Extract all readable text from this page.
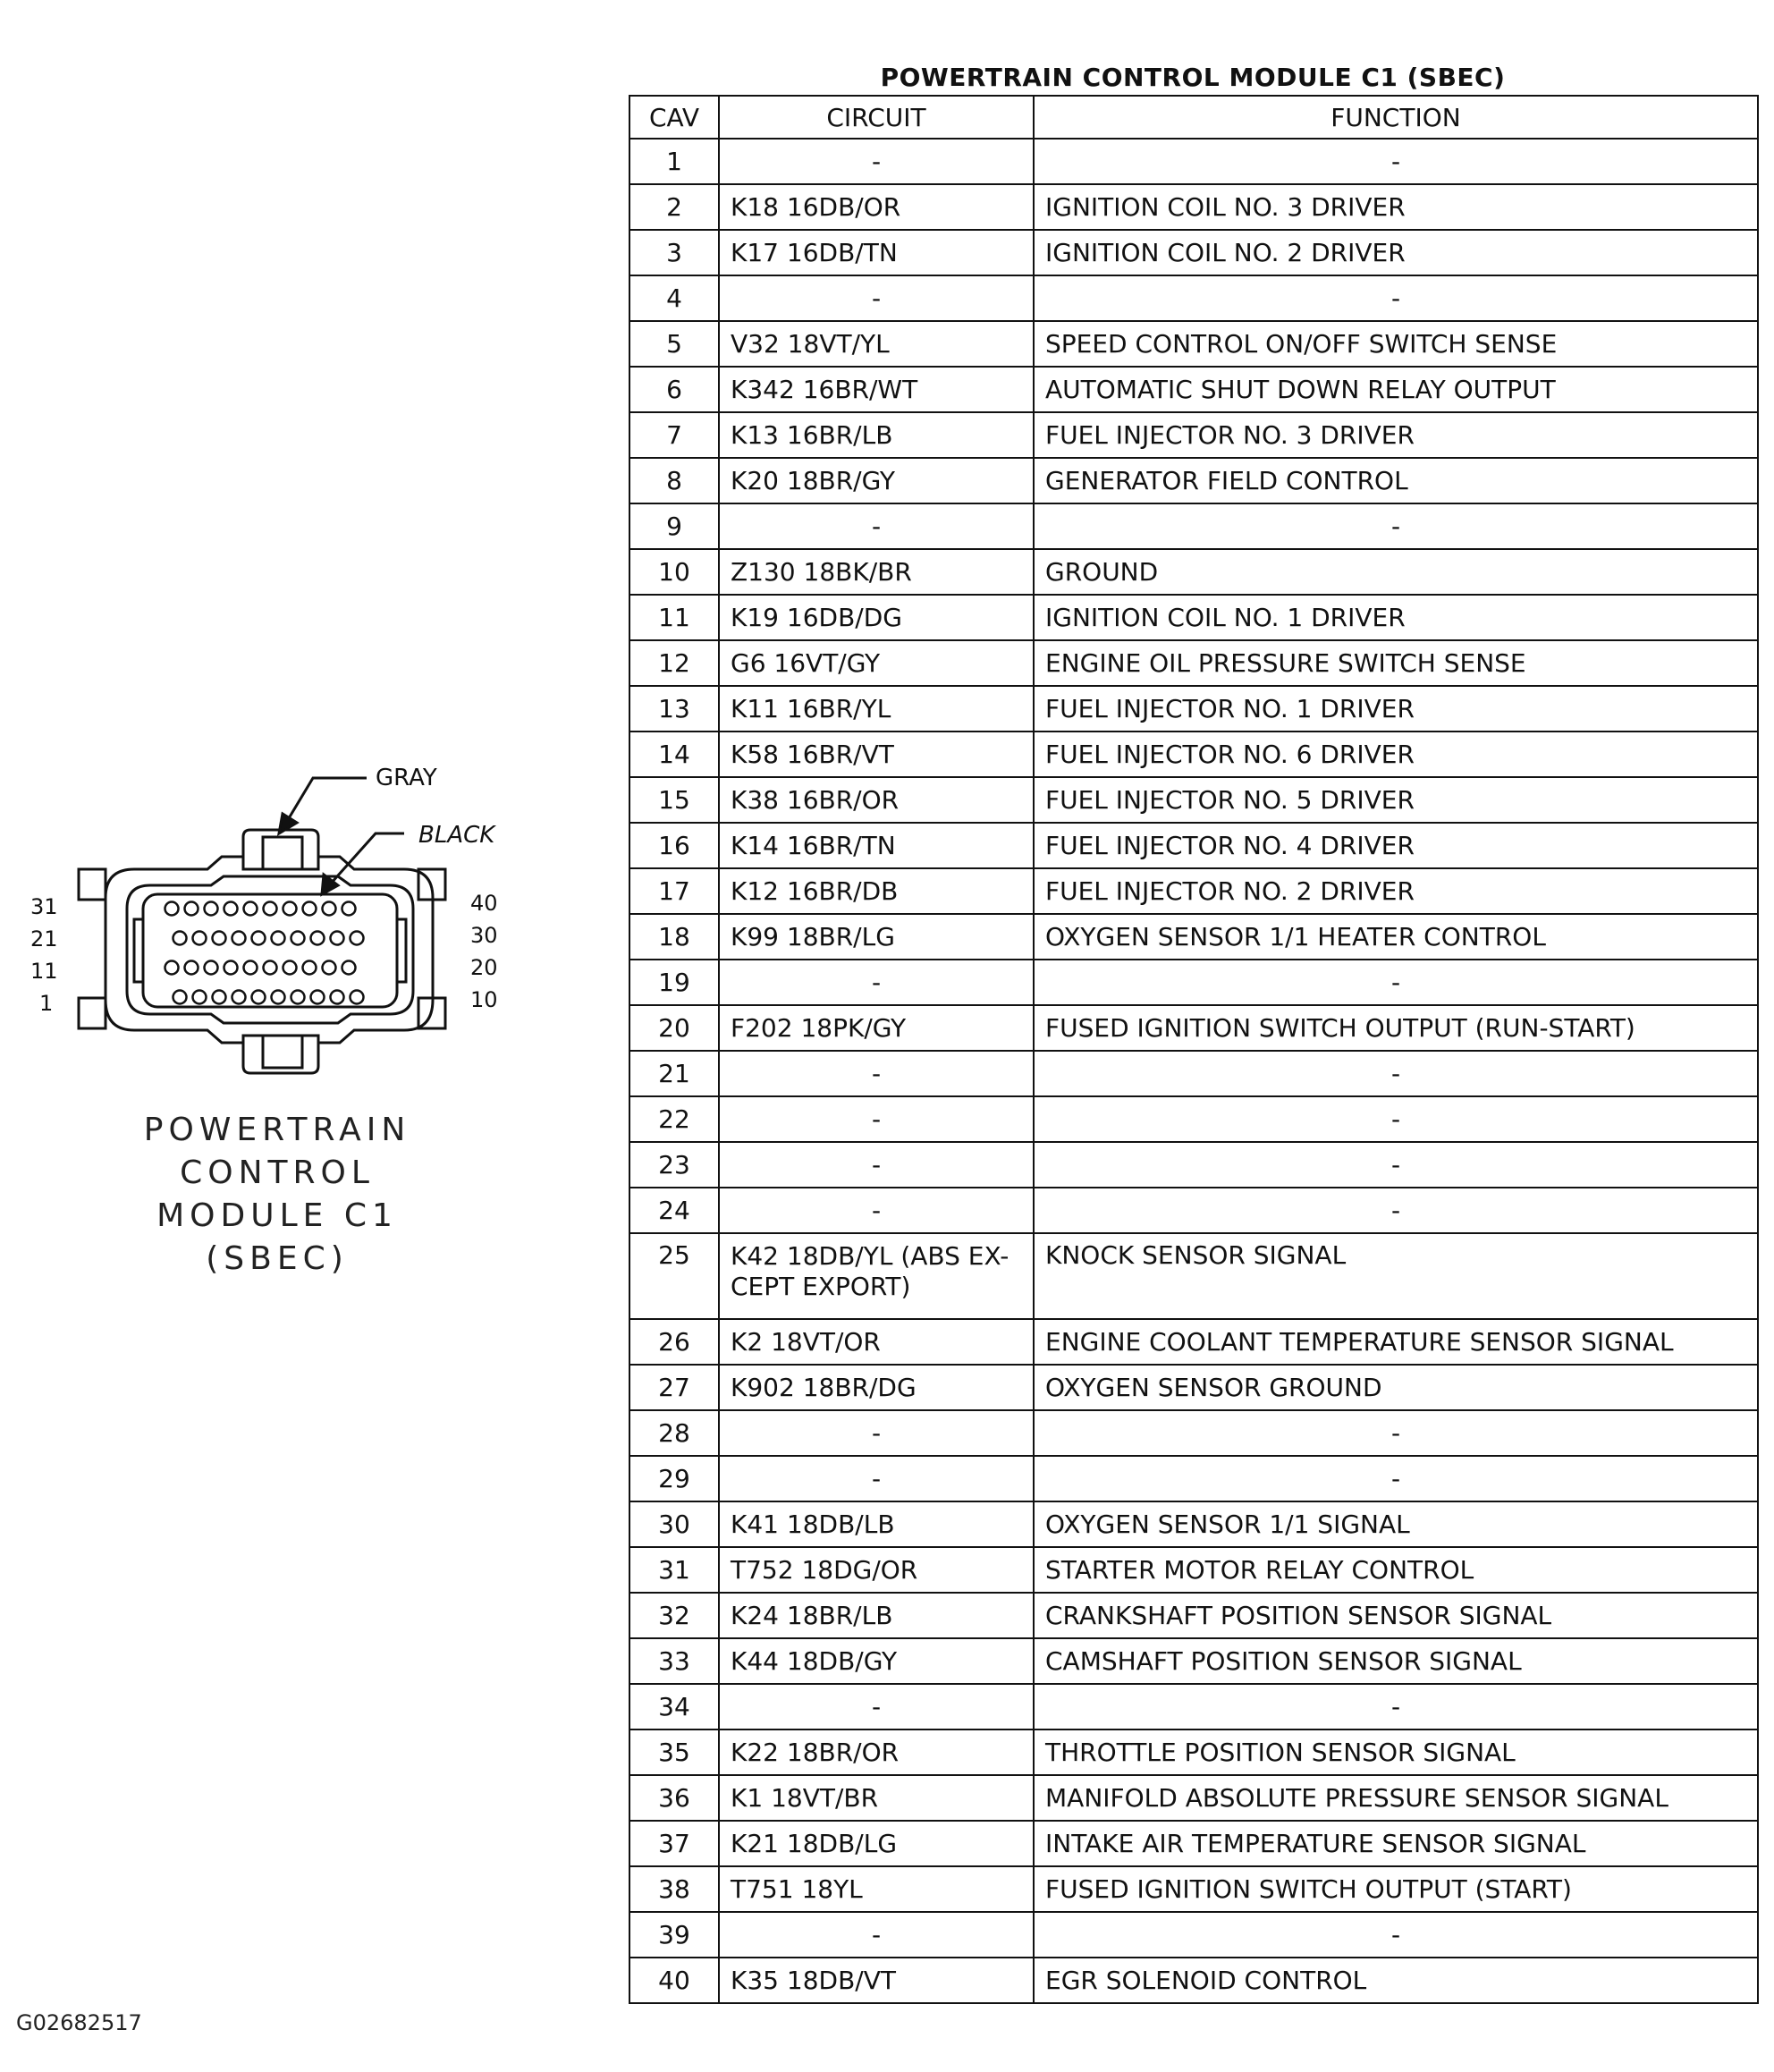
POWERTRAIN CONTROL MODULE C1 (SBEC)
CAV	CIRCUIT	FUNCTION
1	-	-
2	K18 16DB/OR	IGNITION COIL NO. 3 DRIVER
3	K17 16DB/TN	IGNITION COIL NO. 2 DRIVER
4	-	-
5	V32 18VT/YL	SPEED CONTROL ON/OFF SWITCH SENSE
6	K342 16BR/WT	AUTOMATIC SHUT DOWN RELAY OUTPUT
7	K13 16BR/LB	FUEL INJECTOR NO. 3 DRIVER
8	K20 18BR/GY	GENERATOR FIELD CONTROL
9	-	-
10	Z130 18BK/BR	GROUND
11	K19 16DB/DG	IGNITION COIL NO. 1 DRIVER
12	G6 16VT/GY	ENGINE OIL PRESSURE SWITCH SENSE
13	K11 16BR/YL	FUEL INJECTOR NO. 1 DRIVER
14	K58 16BR/VT	FUEL INJECTOR NO. 6 DRIVER
15	K38 16BR/OR	FUEL INJECTOR NO. 5 DRIVER
16	K14 16BR/TN	FUEL INJECTOR NO. 4 DRIVER
17	K12 16BR/DB	FUEL INJECTOR NO. 2 DRIVER
18	K99 18BR/LG	OXYGEN SENSOR 1/1 HEATER CONTROL
19	-	-
20	F202 18PK/GY	FUSED IGNITION SWITCH OUTPUT (RUN-START)
21	-	-
22	-	-
23	-	-
24	-	-
25	K42 18DB/YL (ABS EX- CEPT EXPORT)	KNOCK SENSOR SIGNAL
26	K2 18VT/OR	ENGINE COOLANT TEMPERATURE SENSOR SIGNAL
27	K902 18BR/DG	OXYGEN SENSOR GROUND
28	-	-
29	-	-
30	K41 18DB/LB	OXYGEN SENSOR 1/1 SIGNAL
31	T752 18DG/OR	STARTER MOTOR RELAY CONTROL
32	K24 18BR/LB	CRANKSHAFT POSITION SENSOR SIGNAL
33	K44 18DB/GY	CAMSHAFT POSITION SENSOR SIGNAL
34	-	-
35	K22 18BR/OR	THROTTLE POSITION SENSOR SIGNAL
36	K1 18VT/BR	MANIFOLD ABSOLUTE PRESSURE SENSOR SIGNAL
37	K21 18DB/LG	INTAKE AIR TEMPERATURE SENSOR SIGNAL
38	T751 18YL	FUSED IGNITION SWITCH OUTPUT (START)
39	-	-
40	K35 18DB/VT	EGR SOLENOID CONTROL
GRAY
BLACK
31
21
11
1
40
30
20
10
POWERTRAIN
CONTROL
MODULE C1
(SBEC)
G02682517
